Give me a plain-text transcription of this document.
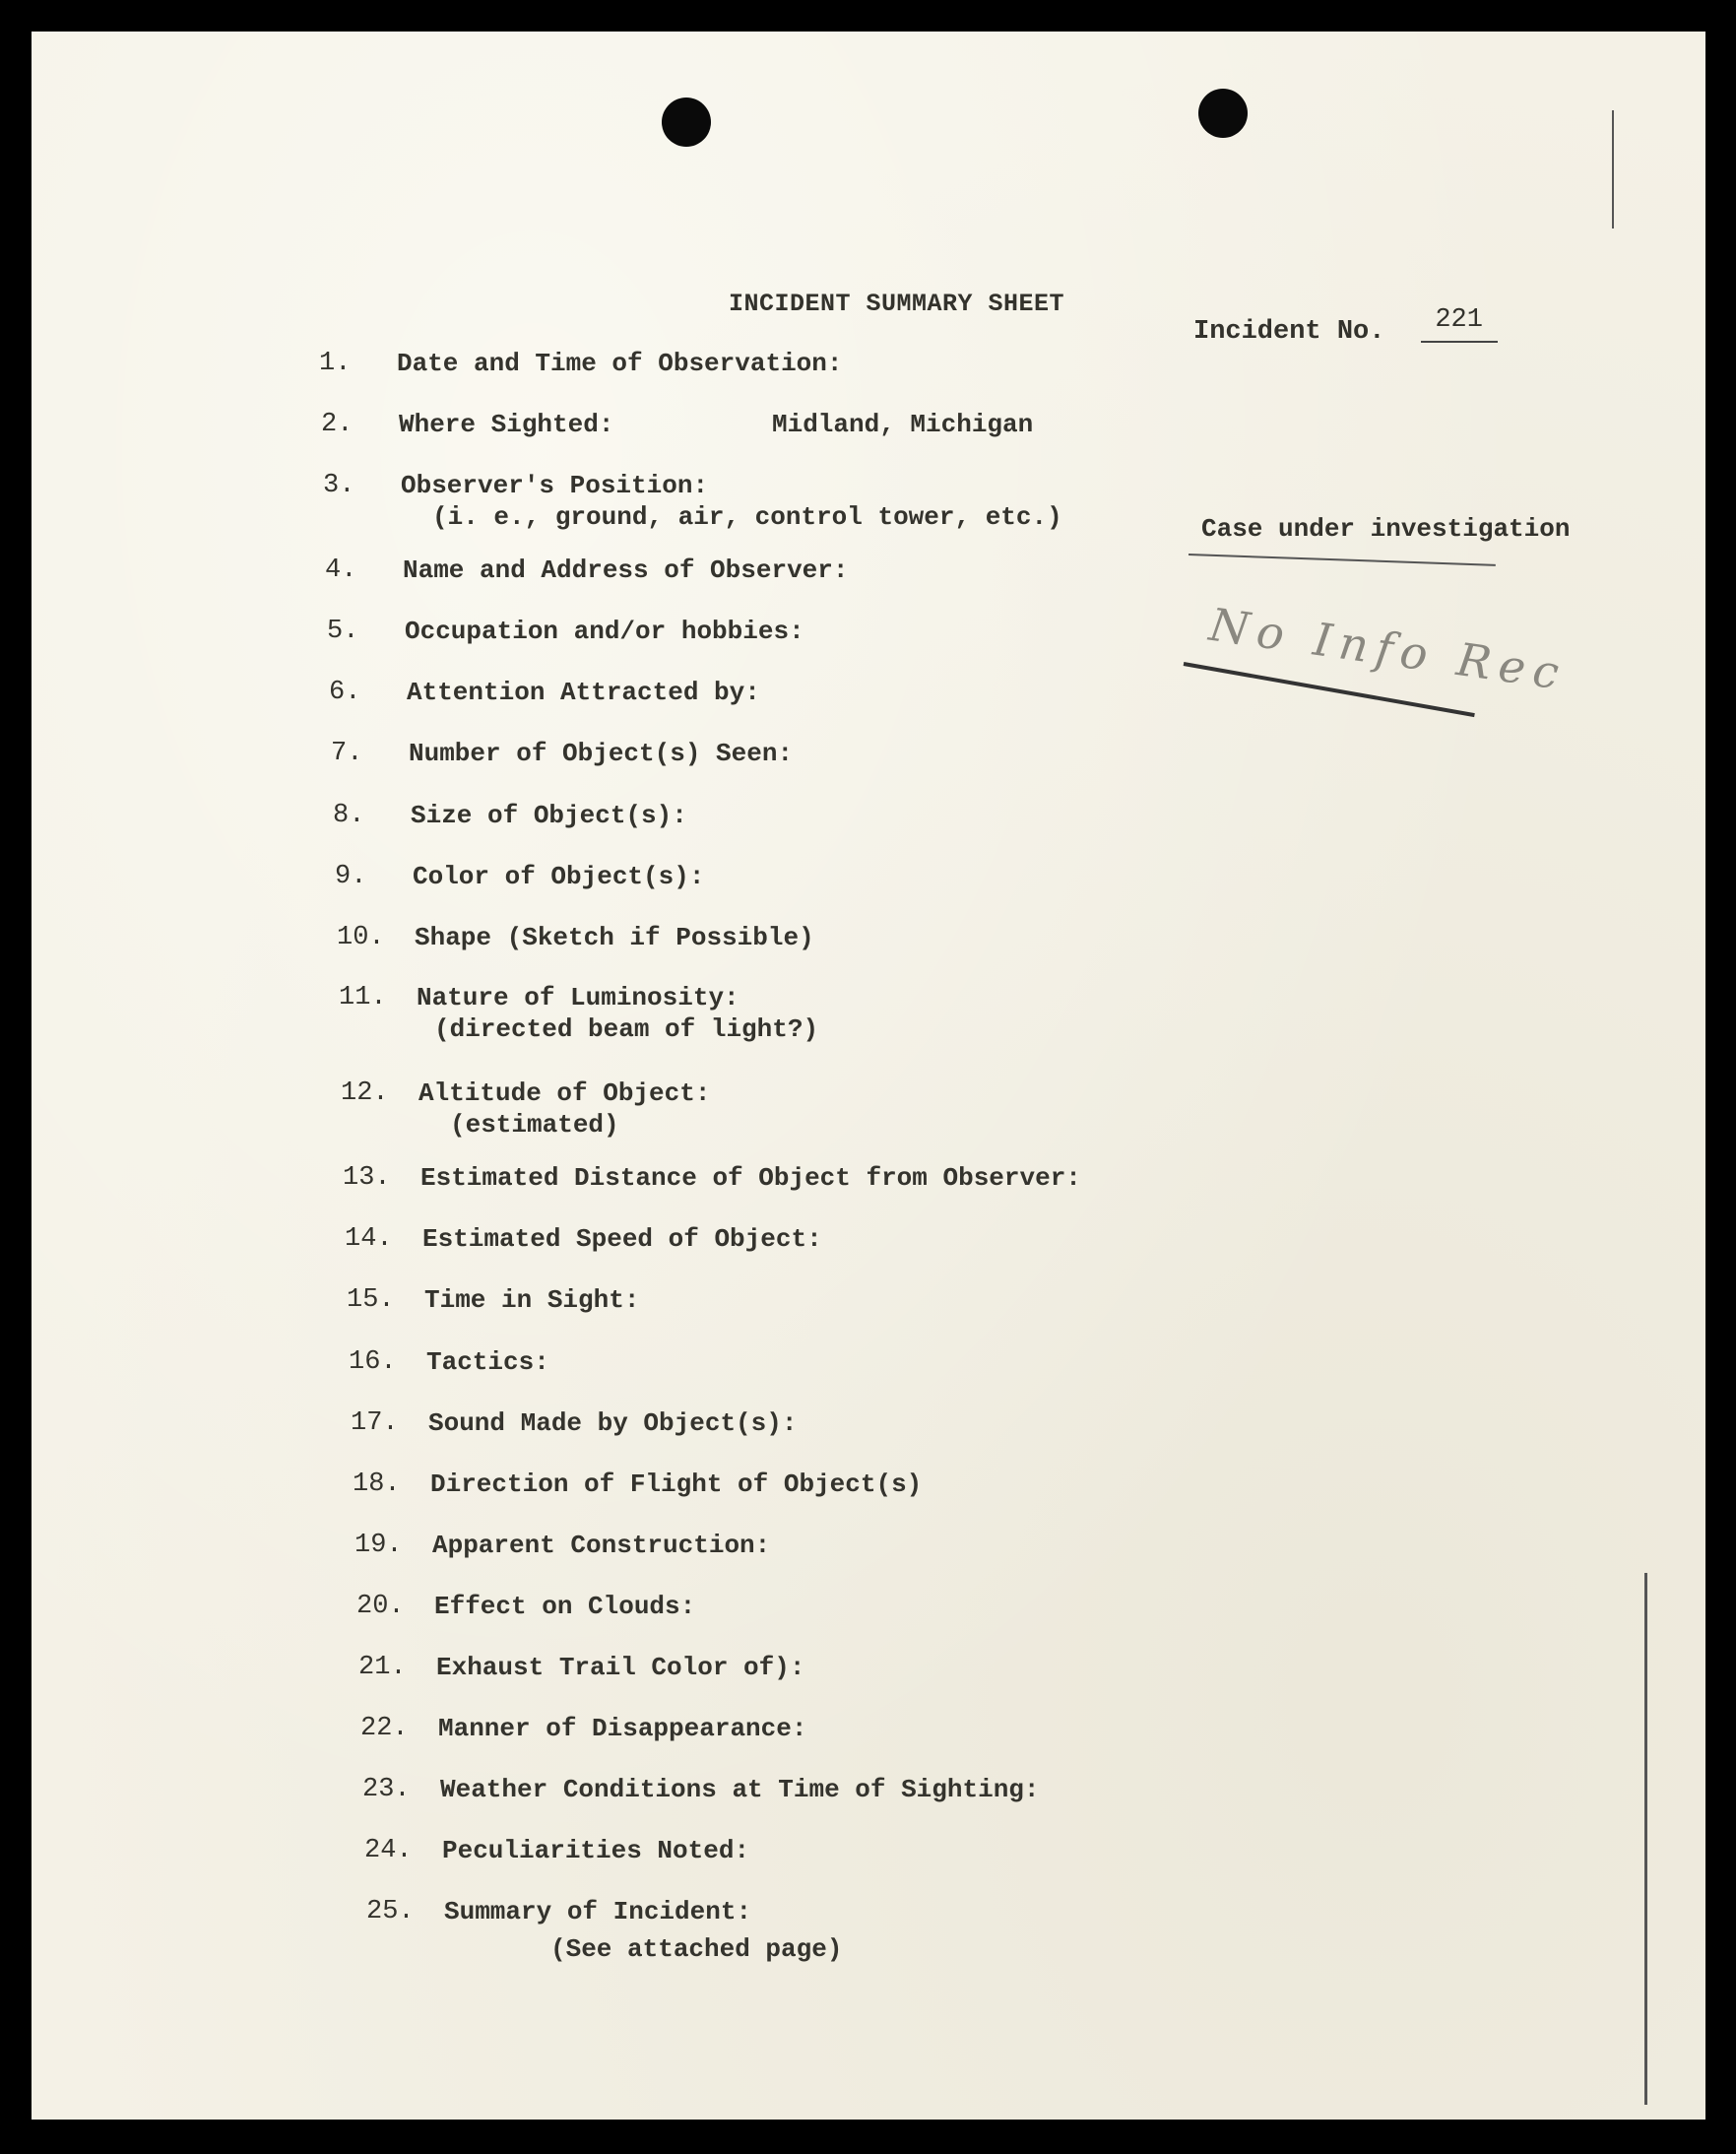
INCIDENT SUMMARY SHEET
Incident No. 221
Case under investigation
No Info Rec
1. Date and Time of Observation:
2. Where Sighted:	Midland, Michigan
3. Observer's Position:
(i. e., ground, air, control tower, etc.)
4. Name and Address of Observer:
5. Occupation and/or hobbies:
6. Attention Attracted by:
7. Number of Object(s) Seen:
8. Size of Object(s):
9. Color of Object(s):
10. Shape (Sketch if Possible)
11. Nature of Luminosity:
(directed beam of light?)
12. Altitude of Object:
(estimated)
13. Estimated Distance of Object from Observer:
14. Estimated Speed of Object:
15. Time in Sight:
16. Tactics:
17. Sound Made by Object(s):
18. Direction of Flight of Object(s)
19. Apparent Construction:
20. Effect on Clouds:
21. Exhaust Trail Color of):
22. Manner of Disappearance:
23. Weather Conditions at Time of Sighting:
24. Peculiarities Noted:
25. Summary of Incident:
(See attached page)
